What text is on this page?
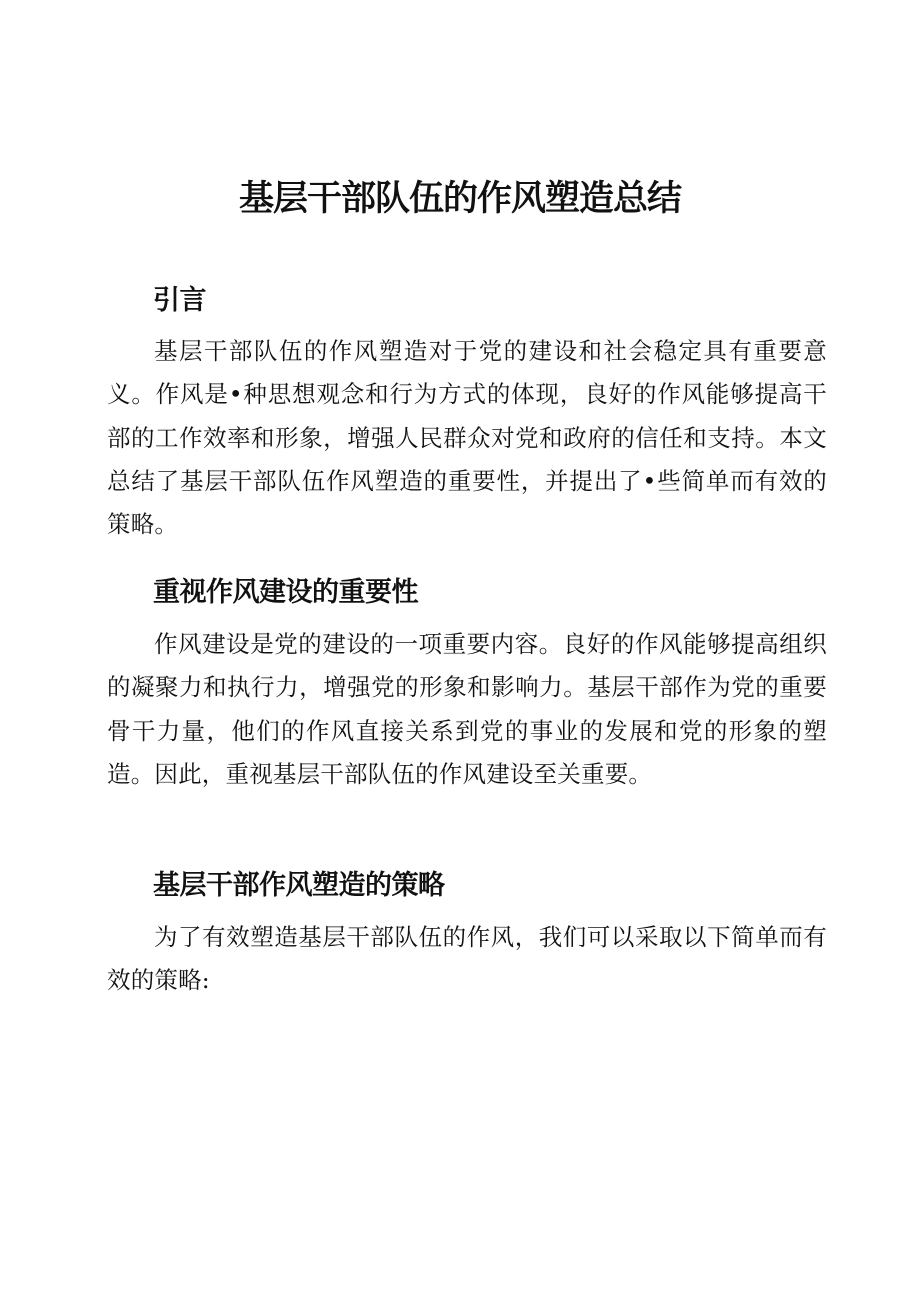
基层干部队伍的作风塑造总结
引言

基层干部队伍的作风塑造对于党的建设和社会稳定具有重要意义。作风是•种思想观念和行为方式的体现，良好的作风能够提高干部的工作效率和形象，增强人民群众对党和政府的信任和支持。本文总结了基层干部队伍作风塑造的重要性，并提出了•些简单而有效的策略。

重视作风建设的重要性

作风建设是党的建设的一项重要内容。良好的作风能够提高组织的凝聚力和执行力，增强党的形象和影响力。基层干部作为党的重要骨干力量，他们的作风直接关系到党的事业的发展和党的形象的塑造。因此，重视基层干部队伍的作风建设至关重要。

基层干部作风塑造的策略

为了有效塑造基层干部队伍的作风，我们可以采取以下简单而有效的策略:
